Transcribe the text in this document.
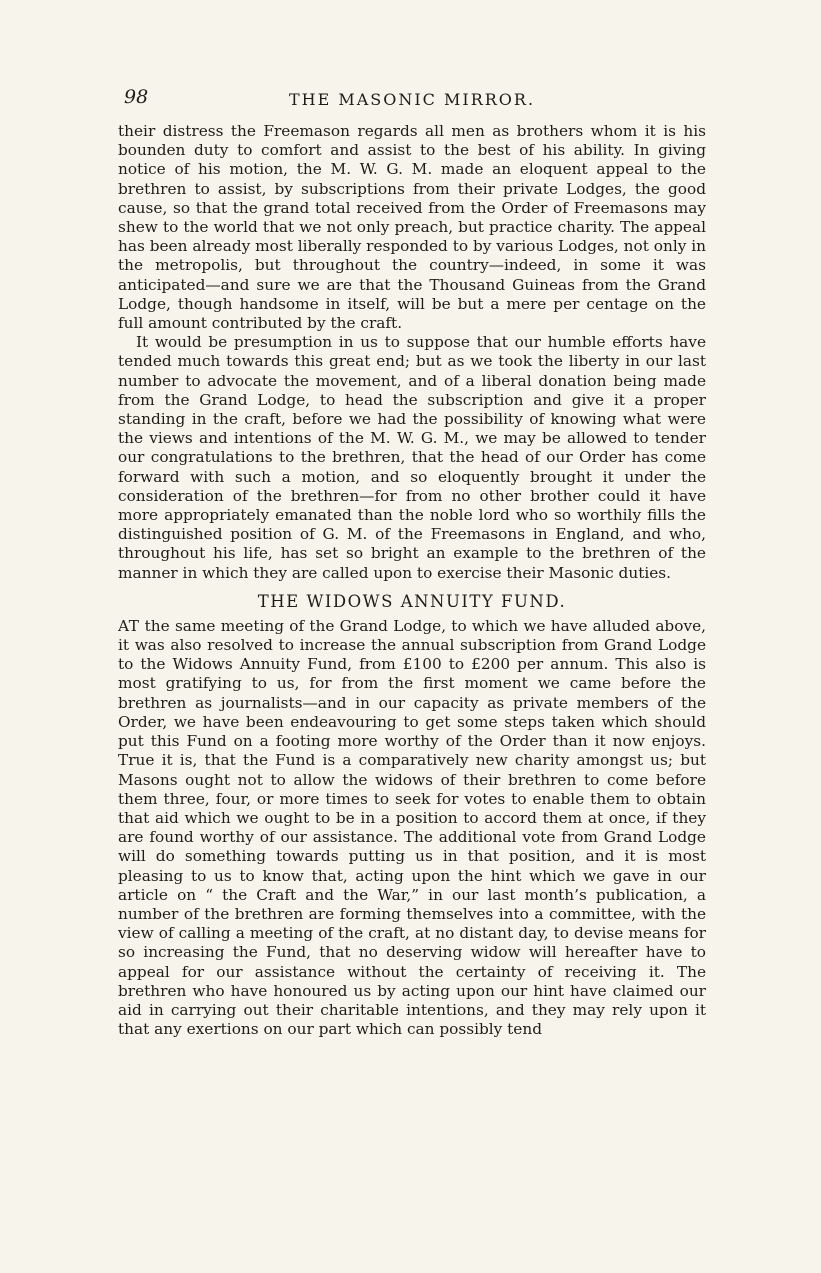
98	THE MASONIC MIRROR.

their distress the Freemason regards all men as brothers whom it is his bounden duty to comfort and assist to the best of his ability. In giving notice of his motion, the M. W. G. M. made an eloquent appeal to the brethren to assist, by subscriptions from their private Lodges, the good cause, so that the grand total received from the Order of Freemasons may shew to the world that we not only preach, but practice charity. The appeal has been already most liberally responded to by various Lodges, not only in the metropolis, but throughout the country—indeed, in some it was anticipated—and sure we are that the Thousand Guineas from the Grand Lodge, though handsome in itself, will be but a mere per centage on the full amount contributed by the craft.

It would be presumption in us to suppose that our humble efforts have tended much towards this great end; but as we took the liberty in our last number to advocate the movement, and of a liberal donation being made from the Grand Lodge, to head the subscription and give it a proper standing in the craft, before we had the possibility of knowing what were the views and intentions of the M. W. G. M., we may be allowed to tender our congratulations to the brethren, that the head of our Order has come forward with such a motion, and so eloquently brought it under the consideration of the brethren—for from no other brother could it have more appropriately emanated than the noble lord who so worthily fills the distinguished position of G. M. of the Freemasons in England, and who, throughout his life, has set so bright an example to the brethren of the manner in which they are called upon to exercise their Masonic duties.

THE WIDOWS ANNUITY FUND.

AT the same meeting of the Grand Lodge, to which we have alluded above, it was also resolved to increase the annual subscription from Grand Lodge to the Widows Annuity Fund, from £100 to £200 per annum. This also is most gratifying to us, for from the first moment we came before the brethren as journalists—and in our capacity as private members of the Order, we have been endeavouring to get some steps taken which should put this Fund on a footing more worthy of the Order than it now enjoys. True it is, that the Fund is a comparatively new charity amongst us; but Masons ought not to allow the widows of their brethren to come before them three, four, or more times to seek for votes to enable them to obtain that aid which we ought to be in a position to accord them at once, if they are found worthy of our assistance. The additional vote from Grand Lodge will do something towards putting us in that position, and it is most pleasing to us to know that, acting upon the hint which we gave in our article on “ the Craft and the War,” in our last month’s publication, a number of the brethren are forming themselves into a committee, with the view of calling a meeting of the craft, at no distant day, to devise means for so increasing the Fund, that no deserving widow will hereafter have to appeal for our assistance without the certainty of receiving it. The brethren who have honoured us by acting upon our hint have claimed our aid in carrying out their charitable intentions, and they may rely upon it that any exertions on our part which can possibly tend
